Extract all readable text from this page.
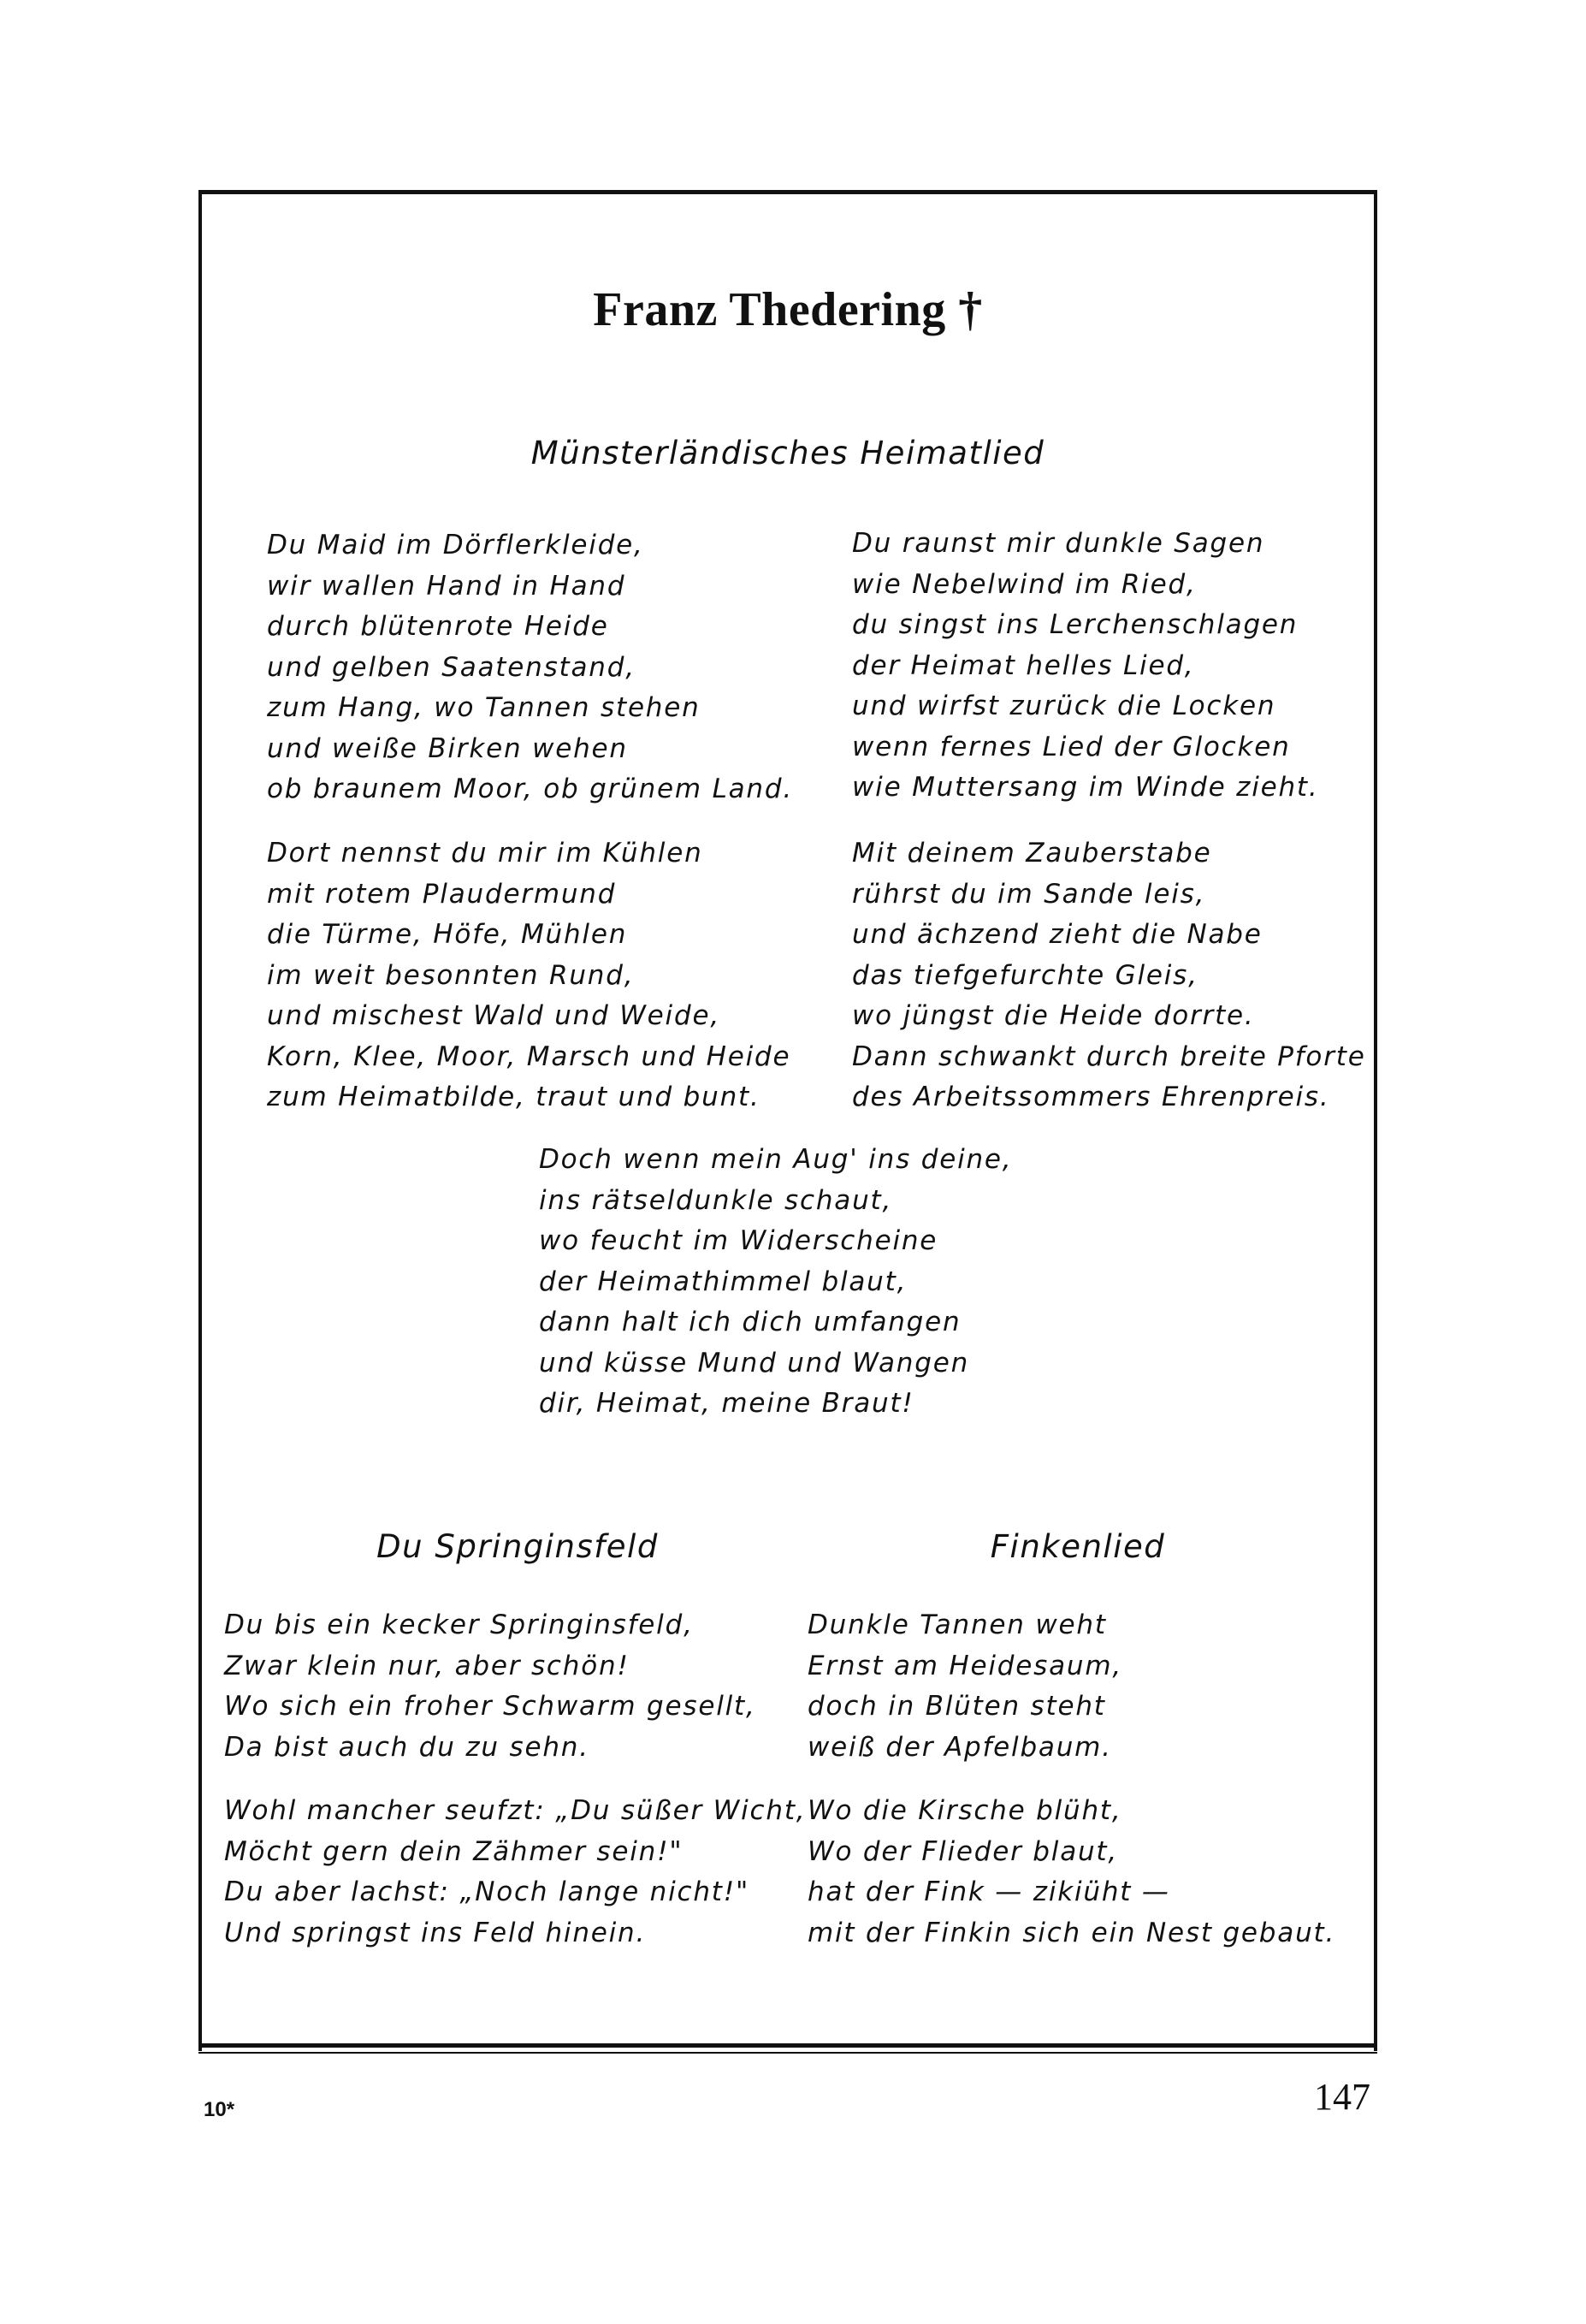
Franz Thedering †
Münsterländisches Heimatlied
Du Maid im Dörflerkleide,
wir wallen Hand in Hand
durch blütenrote Heide
und gelben Saatenstand,
zum Hang, wo Tannen stehen
und weiße Birken wehen
ob braunem Moor, ob grünem Land.
Du raunst mir dunkle Sagen
wie Nebelwind im Ried,
du singst ins Lerchenschlagen
der Heimat helles Lied,
und wirfst zurück die Locken
wenn fernes Lied der Glocken
wie Muttersang im Winde zieht.
Dort nennst du mir im Kühlen
mit rotem Plaudermund
die Türme, Höfe, Mühlen
im weit besonnten Rund,
und mischest Wald und Weide,
Korn, Klee, Moor, Marsch und Heide
zum Heimatbilde, traut und bunt.
Mit deinem Zauberstabe
rührst du im Sande leis,
und ächzend zieht die Nabe
das tiefgefurchte Gleis,
wo jüngst die Heide dorrte.
Dann schwankt durch breite Pforte
des Arbeitssommers Ehrenpreis.
Doch wenn mein Aug' ins deine,
ins rätseldunkle schaut,
wo feucht im Widerscheine
der Heimathimmel blaut,
dann halt ich dich umfangen
und küsse Mund und Wangen
dir, Heimat, meine Braut!
Du Springinsfeld	Finkenlied
Du bis ein kecker Springinsfeld,
Zwar klein nur, aber schön!
Wo sich ein froher Schwarm gesellt,
Da bist auch du zu sehn.
Wohl mancher seufzt: „Du süßer Wicht,
Möcht gern dein Zähmer sein!"
Du aber lachst: „Noch lange nicht!"
Und springst ins Feld hinein.
Dunkle Tannen weht
Ernst am Heidesaum,
doch in Blüten steht
weiß der Apfelbaum.
Wo die Kirsche blüht,
Wo der Flieder blaut,
hat der Fink — zikiüht —
mit der Finkin sich ein Nest gebaut.
10*	147
